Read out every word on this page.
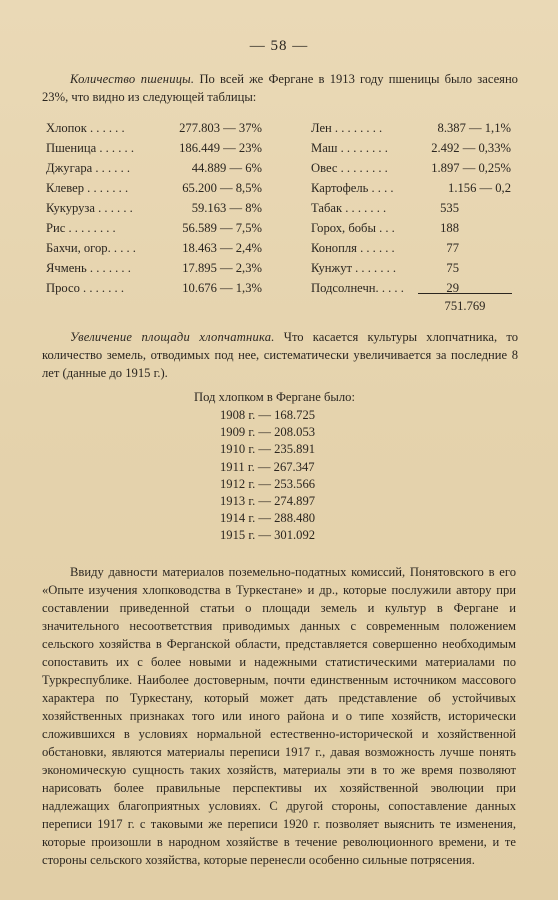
— 58 —

Количество пшеницы. По всей же Фергане в 1913 году пшеницы было засеяно 23%, что видно из следующей таблицы:

Хлопок . . . . . .	277.803 — 37%
Пшеница . . . . . .	186.449 — 23%
Джугара . . . . . .	44.889 — 6%
Клевер . . . . . . .	65.200 — 8,5%
Кукуруза . . . . . .	59.163 — 8%
Рис . . . . . . . .	56.589 — 7,5%
Бахчи, огор. . . . .	18.463 — 2,4%
Ячмень . . . . . . .	17.895 — 2,3%
Просо . . . . . . .	10.676 — 1,3%
Лен . . . . . . . .	8.387 — 1,1%
Маш . . . . . . . .	2.492 — 0,33%
Овес . . . . . . . .	1.897 — 0,25%
Картофель . . . .	1.156 — 0,2
Табак . . . . . . .	535
Горох, бобы . . .	188
Конопля . . . . . .	77
Кунжут . . . . . . .	75
Подсолнечн. . . . .	29
751.769

Увеличение площади хлопчатника. Что касается культуры хлопчатника, то количество земель, отводимых под нее, систематически увеличивается за последние 8 лет (данные до 1915 г.).

Под хлопком в Фергане было:
1908 г. — 168.725
1909 г. — 208.053
1910 г. — 235.891
1911 г. — 267.347
1912 г. — 253.566
1913 г. — 274.897
1914 г. — 288.480
1915 г. — 301.092

Ввиду давности материалов поземельно-податных комиссий, Понятовского в его «Опыте изучения хлопководства в Туркестане» и др., которые послужили автору при составлении приведенной статьи о площади земель и культур в Фергане и значительного несоответствия приводимых данных с современным положением сельского хозяйства в Ферганской области, представляется совершенно необходимым сопоставить их с более новыми и надежными статистическими материалами по Туркреспублике. Наиболее достоверным, почти единственным источником массового характера по Туркестану, который может дать представление об устойчивых хозяйственных признаках того или иного района и о типе хозяйств, исторически сложившихся в условиях нормальной естественно-исторической и хозяйственной обстановки, являются материалы переписи 1917 г., давая возможность лучше понять экономическую сущность таких хозяйств, материалы эти в то же время позволяют нарисовать более правильные перспективы их хозяйственной эволюции при надлежащих благоприятных условиях. С другой стороны, сопоставление данных переписи 1917 г. с таковыми же переписи 1920 г. позволяет выяснить те изменения, которые произошли в народном хозяйстве в течение революционного времени, и те стороны сельского хозяйства, которые перенесли особенно сильные потрясения.
